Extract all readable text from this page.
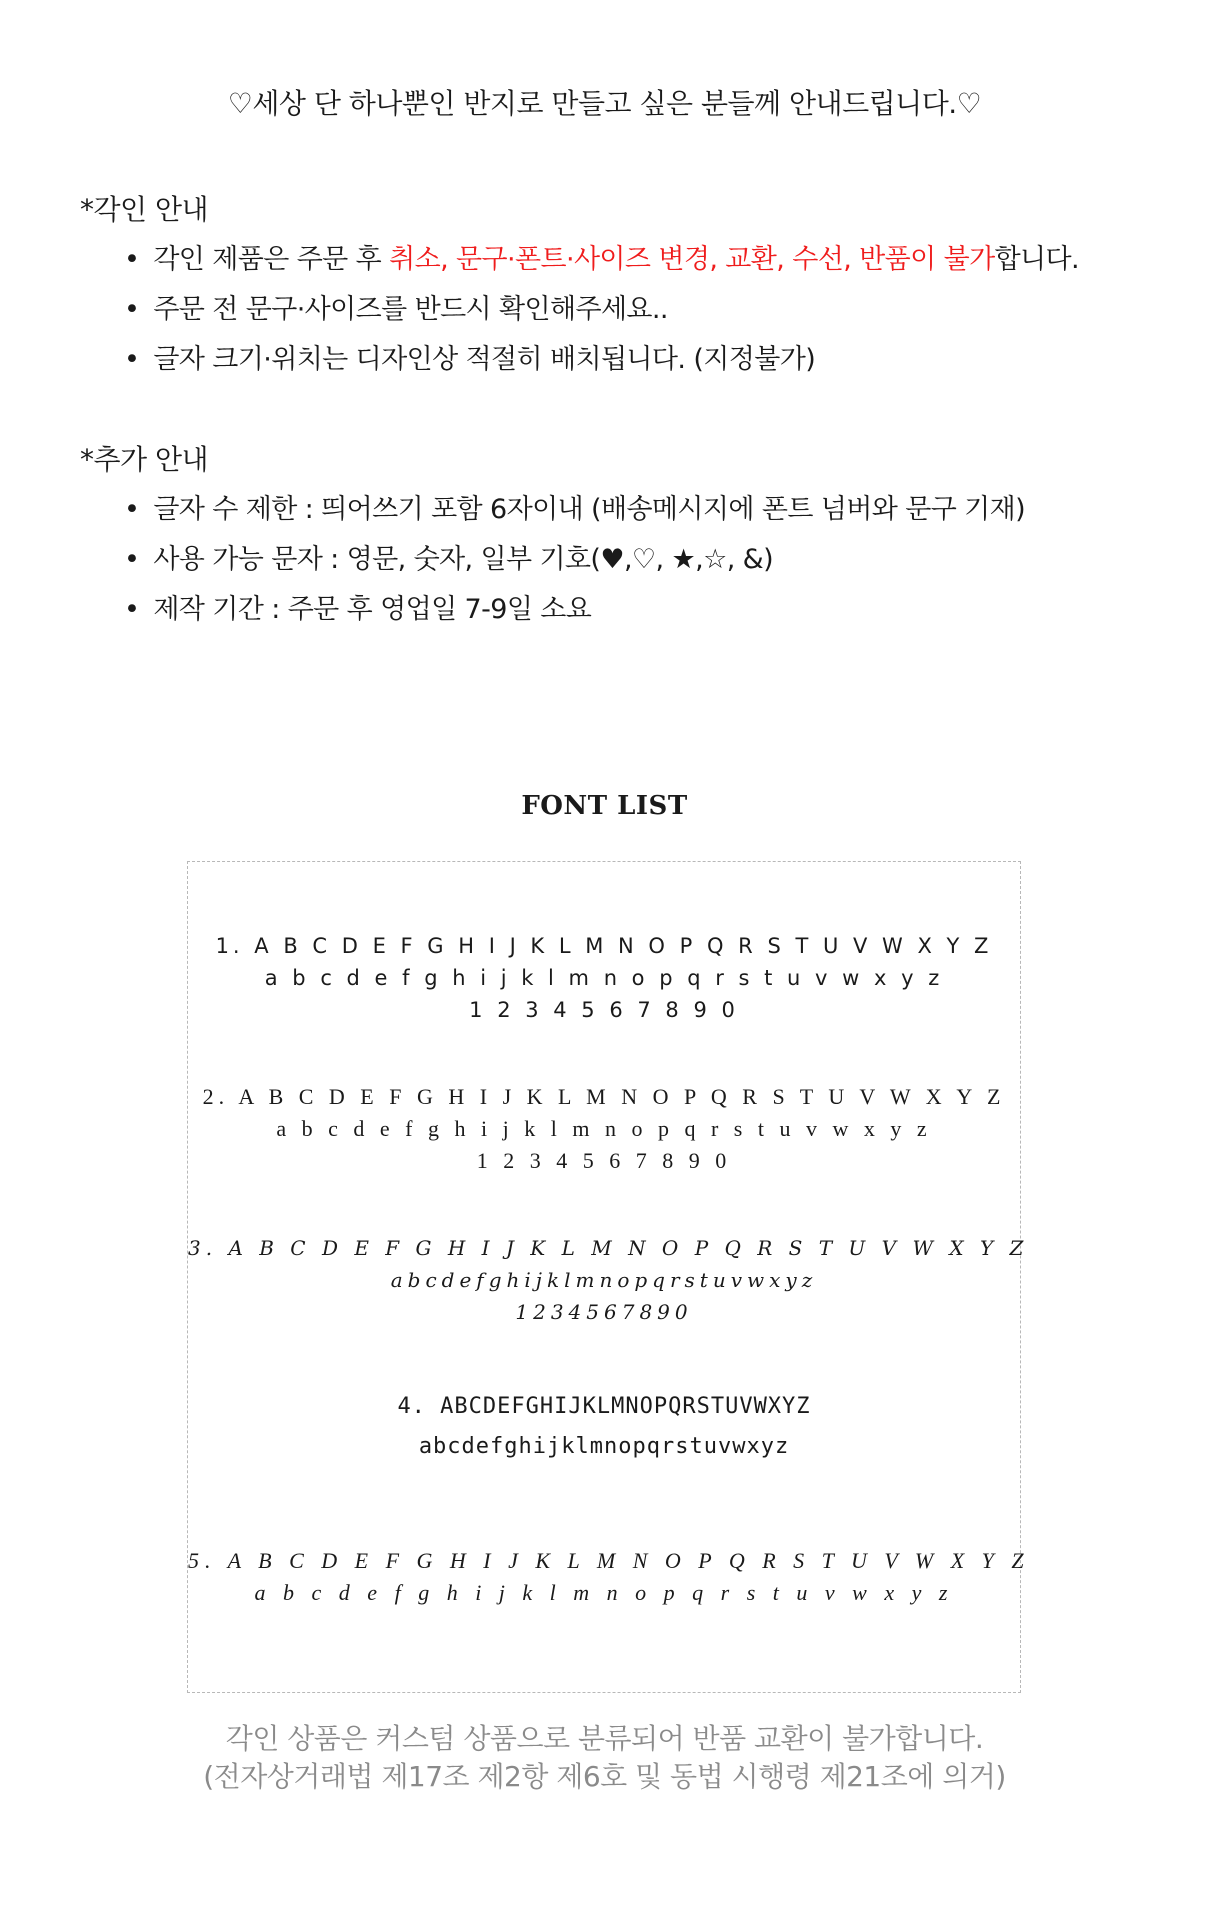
♡세상 단 하나뿐인 반지로 만들고 싶은 분들께 안내드립니다.♡
*각인 안내
• 각인 제품은 주문 후 취소, 문구·폰트·사이즈 변경, 교환, 수선, 반품이 불가합니다.
• 주문 전 문구·사이즈를 반드시 확인해주세요..
• 글자 크기·위치는 디자인상 적절히 배치됩니다. (지정불가)
*추가 안내
• 글자 수 제한 : 띄어쓰기 포함 6자이내 (배송메시지에 폰트 넘버와 문구 기재)
• 사용 가능 문자 : 영문, 숫자, 일부 기호(♥,♡, ★,☆, &)
• 제작 기간 : 주문 후 영업일 7-9일 소요
FONT LIST
1. A B C D E F G H I J K L M N O P Q R S T U V W X Y Z
a b c d e f g h i j k l m n o p q r s t u v w x y z
1 2 3 4 5 6 7 8 9 0
2. A B C D E F G H I J K L M N O P Q R S T U V W X Y Z
a b c d e f g h i j k l m n o p q r s t u v w x y z
1 2 3 4 5 6 7 8 9 0
3. A B C D E F G H I J K L M N O P Q R S T U V W X Y Z
abcdefghijklmnopqrstuvwxyz
1234567890
4. ABCDEFGHIJKLMNOPQRSTUVWXYZ
abcdefghijklmnopqrstuvwxyz
5. A B C D E F G H I J K L M N O P Q R S T U V W X Y Z
a b c d e f g h i j k l m n o p q r s t u v w x y z
각인 상품은 커스텀 상품으로 분류되어 반품 교환이 불가합니다.
(전자상거래법 제17조 제2항 제6호 및 동법 시행령 제21조에 의거)
